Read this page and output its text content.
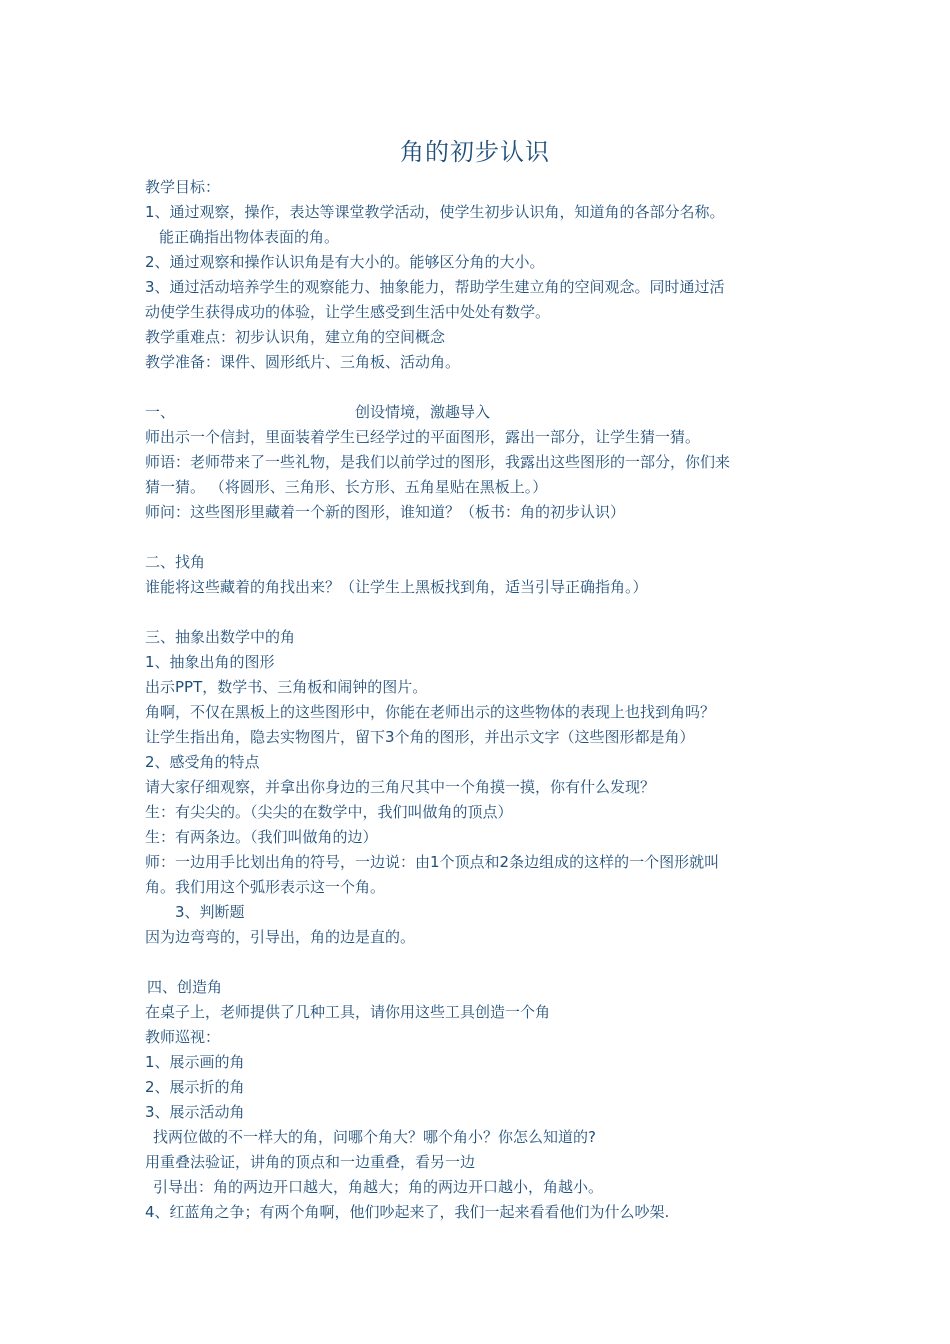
角的初步认识
教学目标：
1、通过观察，操作，表达等课堂教学活动，使学生初步认识角，知道角的各部分名称。
能正确指出物体表面的角。
2、通过观察和操作认识角是有大小的。能够区分角的大小。
3、通过活动培养学生的观察能力、抽象能力，帮助学生建立角的空间观念。同时通过活
动使学生获得成功的体验，让学生感受到生活中处处有数学。
教学重难点：初步认识角，建立角的空间概念
教学准备：课件、圆形纸片、三角板、活动角。
一、	创设情境，激趣导入
师出示一个信封，里面装着学生已经学过的平面图形，露出一部分，让学生猜一猜。
师语：老师带来了一些礼物，是我们以前学过的图形，我露出这些图形的一部分，你们来
猜一猜。 （将圆形、三角形、长方形、五角星贴在黑板上。）
师问：这些图形里藏着一个新的图形，谁知道？（板书：角的初步认识）
二、找角
谁能将这些藏着的角找出来？（让学生上黑板找到角，适当引导正确指角。）
三、抽象出数学中的角
1、抽象出角的图形
出示PPT，数学书、三角板和闹钟的图片。
角啊，不仅在黑板上的这些图形中，你能在老师出示的这些物体的表现上也找到角吗？
让学生指出角，隐去实物图片，留下3个角的图形，并出示文字（这些图形都是角）
2、感受角的特点
请大家仔细观察，并拿出你身边的三角尺其中一个角摸一摸，你有什么发现？
生：有尖尖的。（尖尖的在数学中，我们叫做角的顶点）
生：有两条边。（我们叫做角的边）
师：一边用手比划出角的符号，一边说：由1个顶点和2条边组成的这样的一个图形就叫
角。我们用这个弧形表示这一个角。
3、判断题
因为边弯弯的，引导出，角的边是直的。
四、创造角
在桌子上，老师提供了几种工具，请你用这些工具创造一个角
教师巡视：
1、展示画的角
2、展示折的角
3、展示活动角
找两位做的不一样大的角，问哪个角大？哪个角小？你怎么知道的?
用重叠法验证，讲角的顶点和一边重叠，看另一边
引导出：角的两边开口越大，角越大；角的两边开口越小，角越小。
4、红蓝角之争；有两个角啊，他们吵起来了，我们一起来看看他们为什么吵架.
